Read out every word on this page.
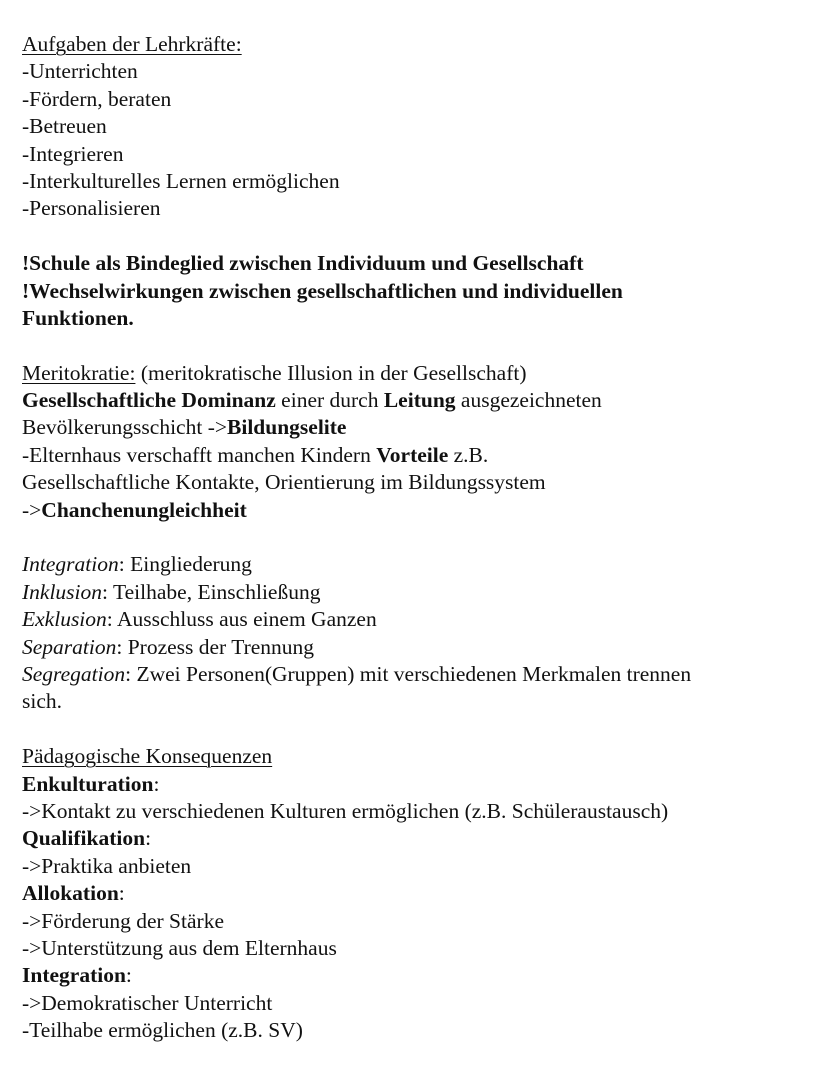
Aufgaben der Lehrkräfte:
-Unterrichten
-Fördern, beraten
-Betreuen
-Integrieren
-Interkulturelles Lernen ermöglichen
-Personalisieren
!Schule als Bindeglied zwischen Individuum und Gesellschaft
!Wechselwirkungen zwischen gesellschaftlichen und individuellen
Funktionen.
Meritokratie: (meritokratische Illusion in der Gesellschaft)
Gesellschaftliche Dominanz einer durch Leitung ausgezeichneten
Bevölkerungsschicht ->Bildungselite
-Elternhaus verschafft manchen Kindern Vorteile z.B.
Gesellschaftliche Kontakte, Orientierung im Bildungssystem
->Chanchenungleichheit
Integration: Eingliederung
Inklusion: Teilhabe, Einschließung
Exklusion: Ausschluss aus einem Ganzen
Separation: Prozess der Trennung
Segregation: Zwei Personen(Gruppen) mit verschiedenen Merkmalen trennen
sich.
Pädagogische Konsequenzen
Enkulturation:
->Kontakt zu verschiedenen Kulturen ermöglichen (z.B. Schüleraustausch)
Qualifikation:
->Praktika anbieten
Allokation:
->Förderung der Stärke
->Unterstützung aus dem Elternhaus
Integration:
->Demokratischer Unterricht
-Teilhabe ermöglichen (z.B. SV)
